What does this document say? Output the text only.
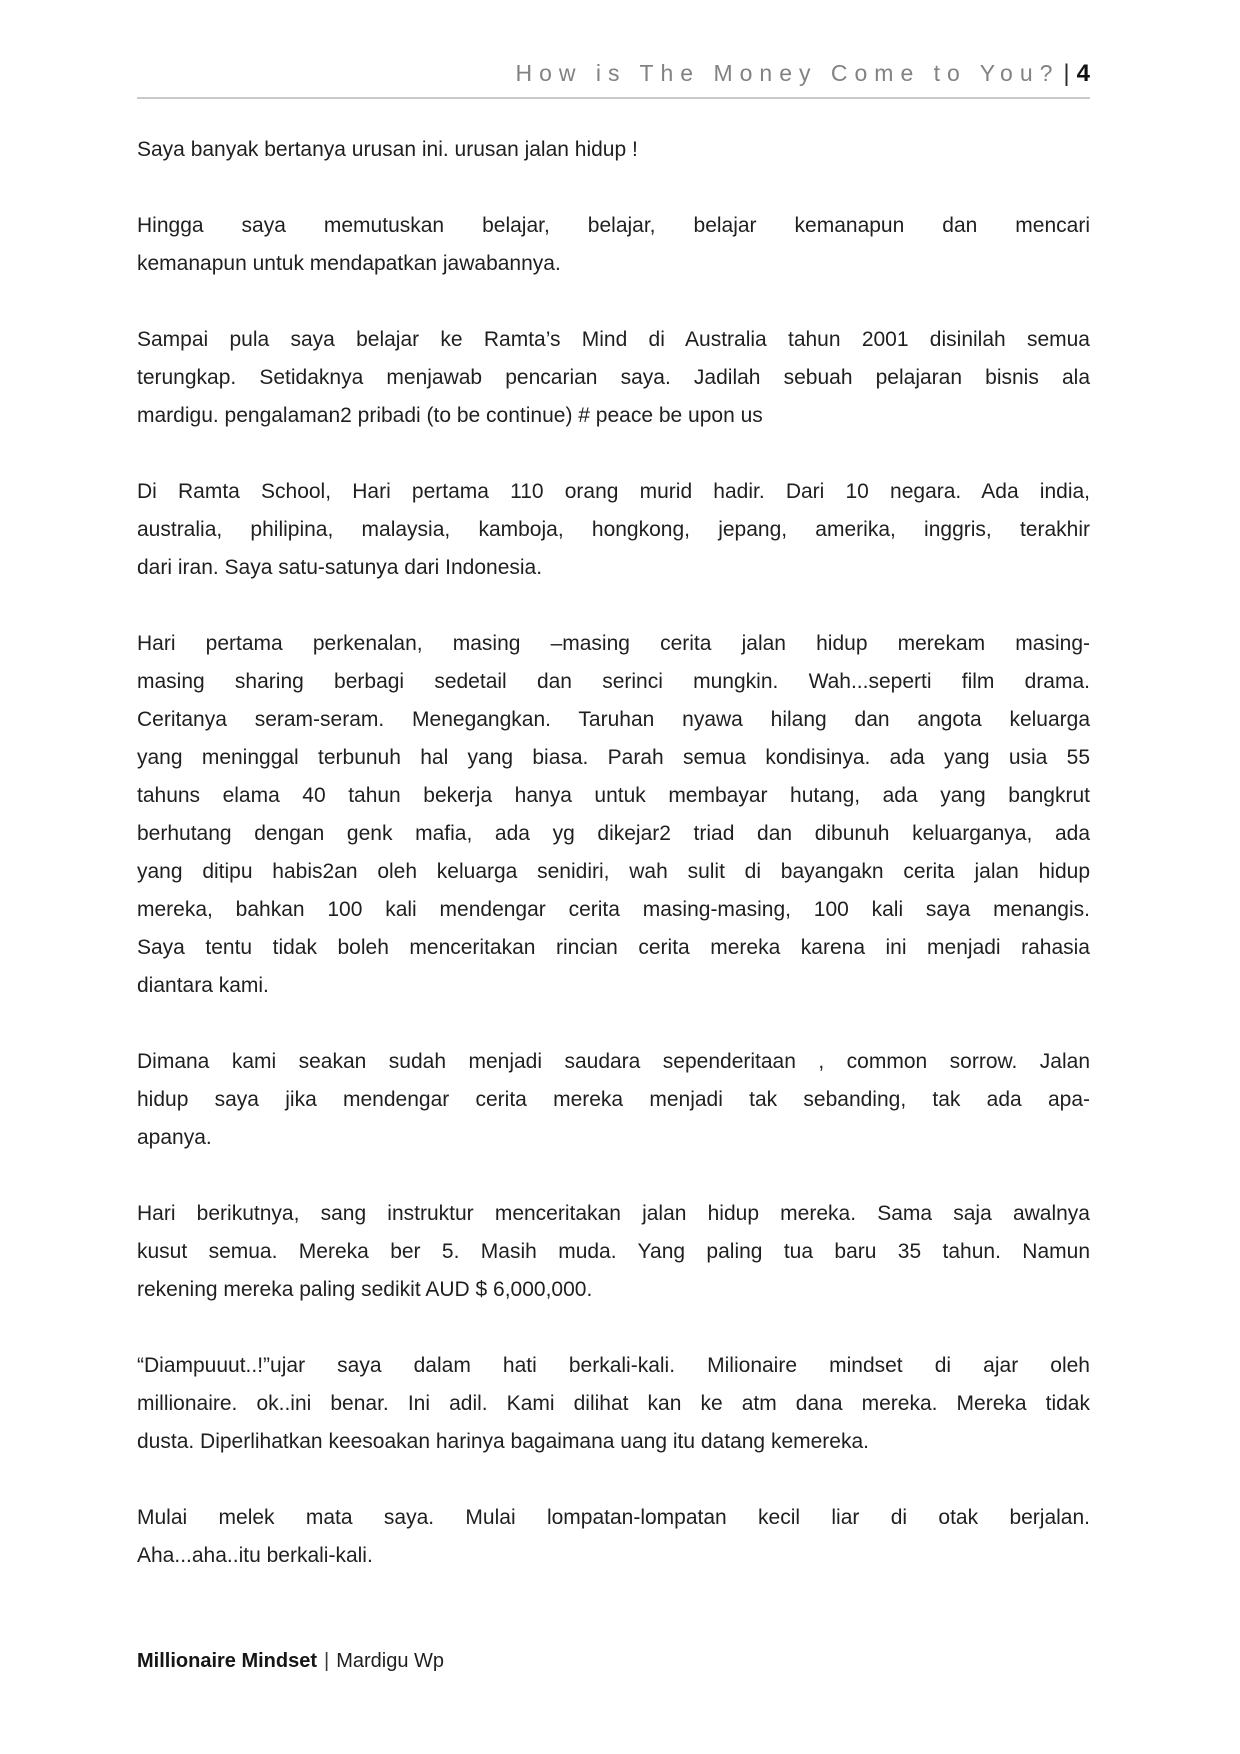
How is The Money Come to You? | 4

Saya banyak bertanya urusan ini. urusan jalan hidup !

Hingga saya memutuskan belajar, belajar, belajar kemanapun dan mencari
kemanapun untuk mendapatkan jawabannya.

Sampai pula saya belajar ke Ramta’s Mind di Australia tahun 2001 disinilah semua
terungkap. Setidaknya menjawab pencarian saya. Jadilah sebuah pelajaran bisnis ala
mardigu. pengalaman2 pribadi (to be continue) # peace be upon us

Di Ramta School, Hari pertama 110 orang murid hadir. Dari 10 negara. Ada india,
australia, philipina, malaysia, kamboja, hongkong, jepang, amerika, inggris, terakhir
dari iran. Saya satu-satunya dari Indonesia.

Hari pertama perkenalan, masing –masing cerita jalan hidup merekam masing-
masing sharing berbagi sedetail dan serinci mungkin. Wah...seperti film drama.
Ceritanya seram-seram. Menegangkan. Taruhan nyawa hilang dan angota keluarga
yang meninggal terbunuh hal yang biasa. Parah semua kondisinya. ada yang usia 55
tahuns elama 40 tahun bekerja hanya untuk membayar hutang, ada yang bangkrut
berhutang dengan genk mafia, ada yg dikejar2 triad dan dibunuh keluarganya, ada
yang ditipu habis2an oleh keluarga senidiri, wah sulit di bayangakn cerita jalan hidup
mereka, bahkan 100 kali mendengar cerita masing-masing, 100 kali saya menangis.
Saya tentu tidak boleh menceritakan rincian cerita mereka karena ini menjadi rahasia
diantara kami.

Dimana kami seakan sudah menjadi saudara sependeritaan , common sorrow. Jalan
hidup saya jika mendengar cerita mereka menjadi tak sebanding, tak ada apa-
apanya.

Hari berikutnya, sang instruktur menceritakan jalan hidup mereka. Sama saja awalnya
kusut semua. Mereka ber 5. Masih muda. Yang paling tua baru 35 tahun. Namun
rekening mereka paling sedikit AUD $ 6,000,000.

“Diampuuut..!”ujar saya dalam hati berkali-kali. Milionaire mindset di ajar oleh
millionaire. ok..ini benar. Ini adil. Kami dilihat kan ke atm dana mereka. Mereka tidak
dusta. Diperlihatkan keesoakan harinya bagaimana uang itu datang kemereka.

Mulai melek mata saya. Mulai lompatan-lompatan kecil liar di otak berjalan.
Aha...aha..itu berkali-kali.

Millionaire Mindset | Mardigu Wp
